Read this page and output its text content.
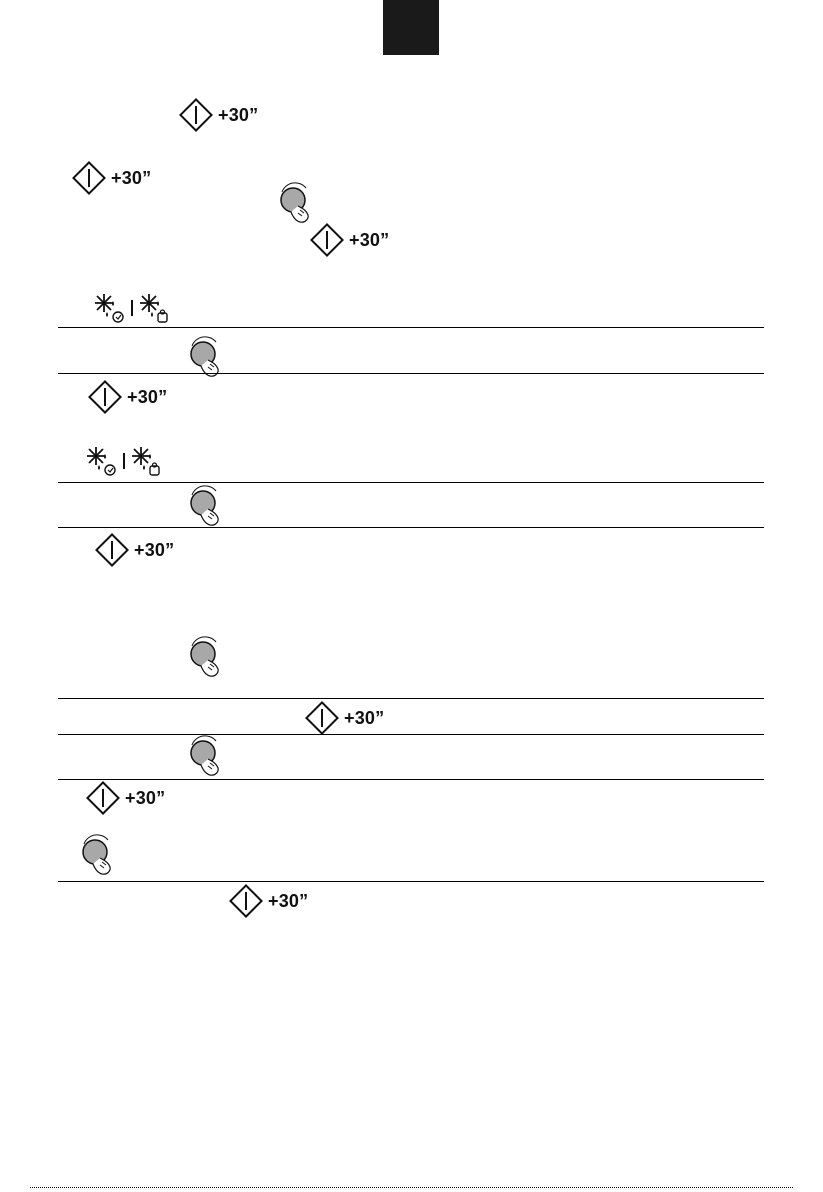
+30”
+30”
+30”
+30”
+30”
+30”
+30”
+30”
